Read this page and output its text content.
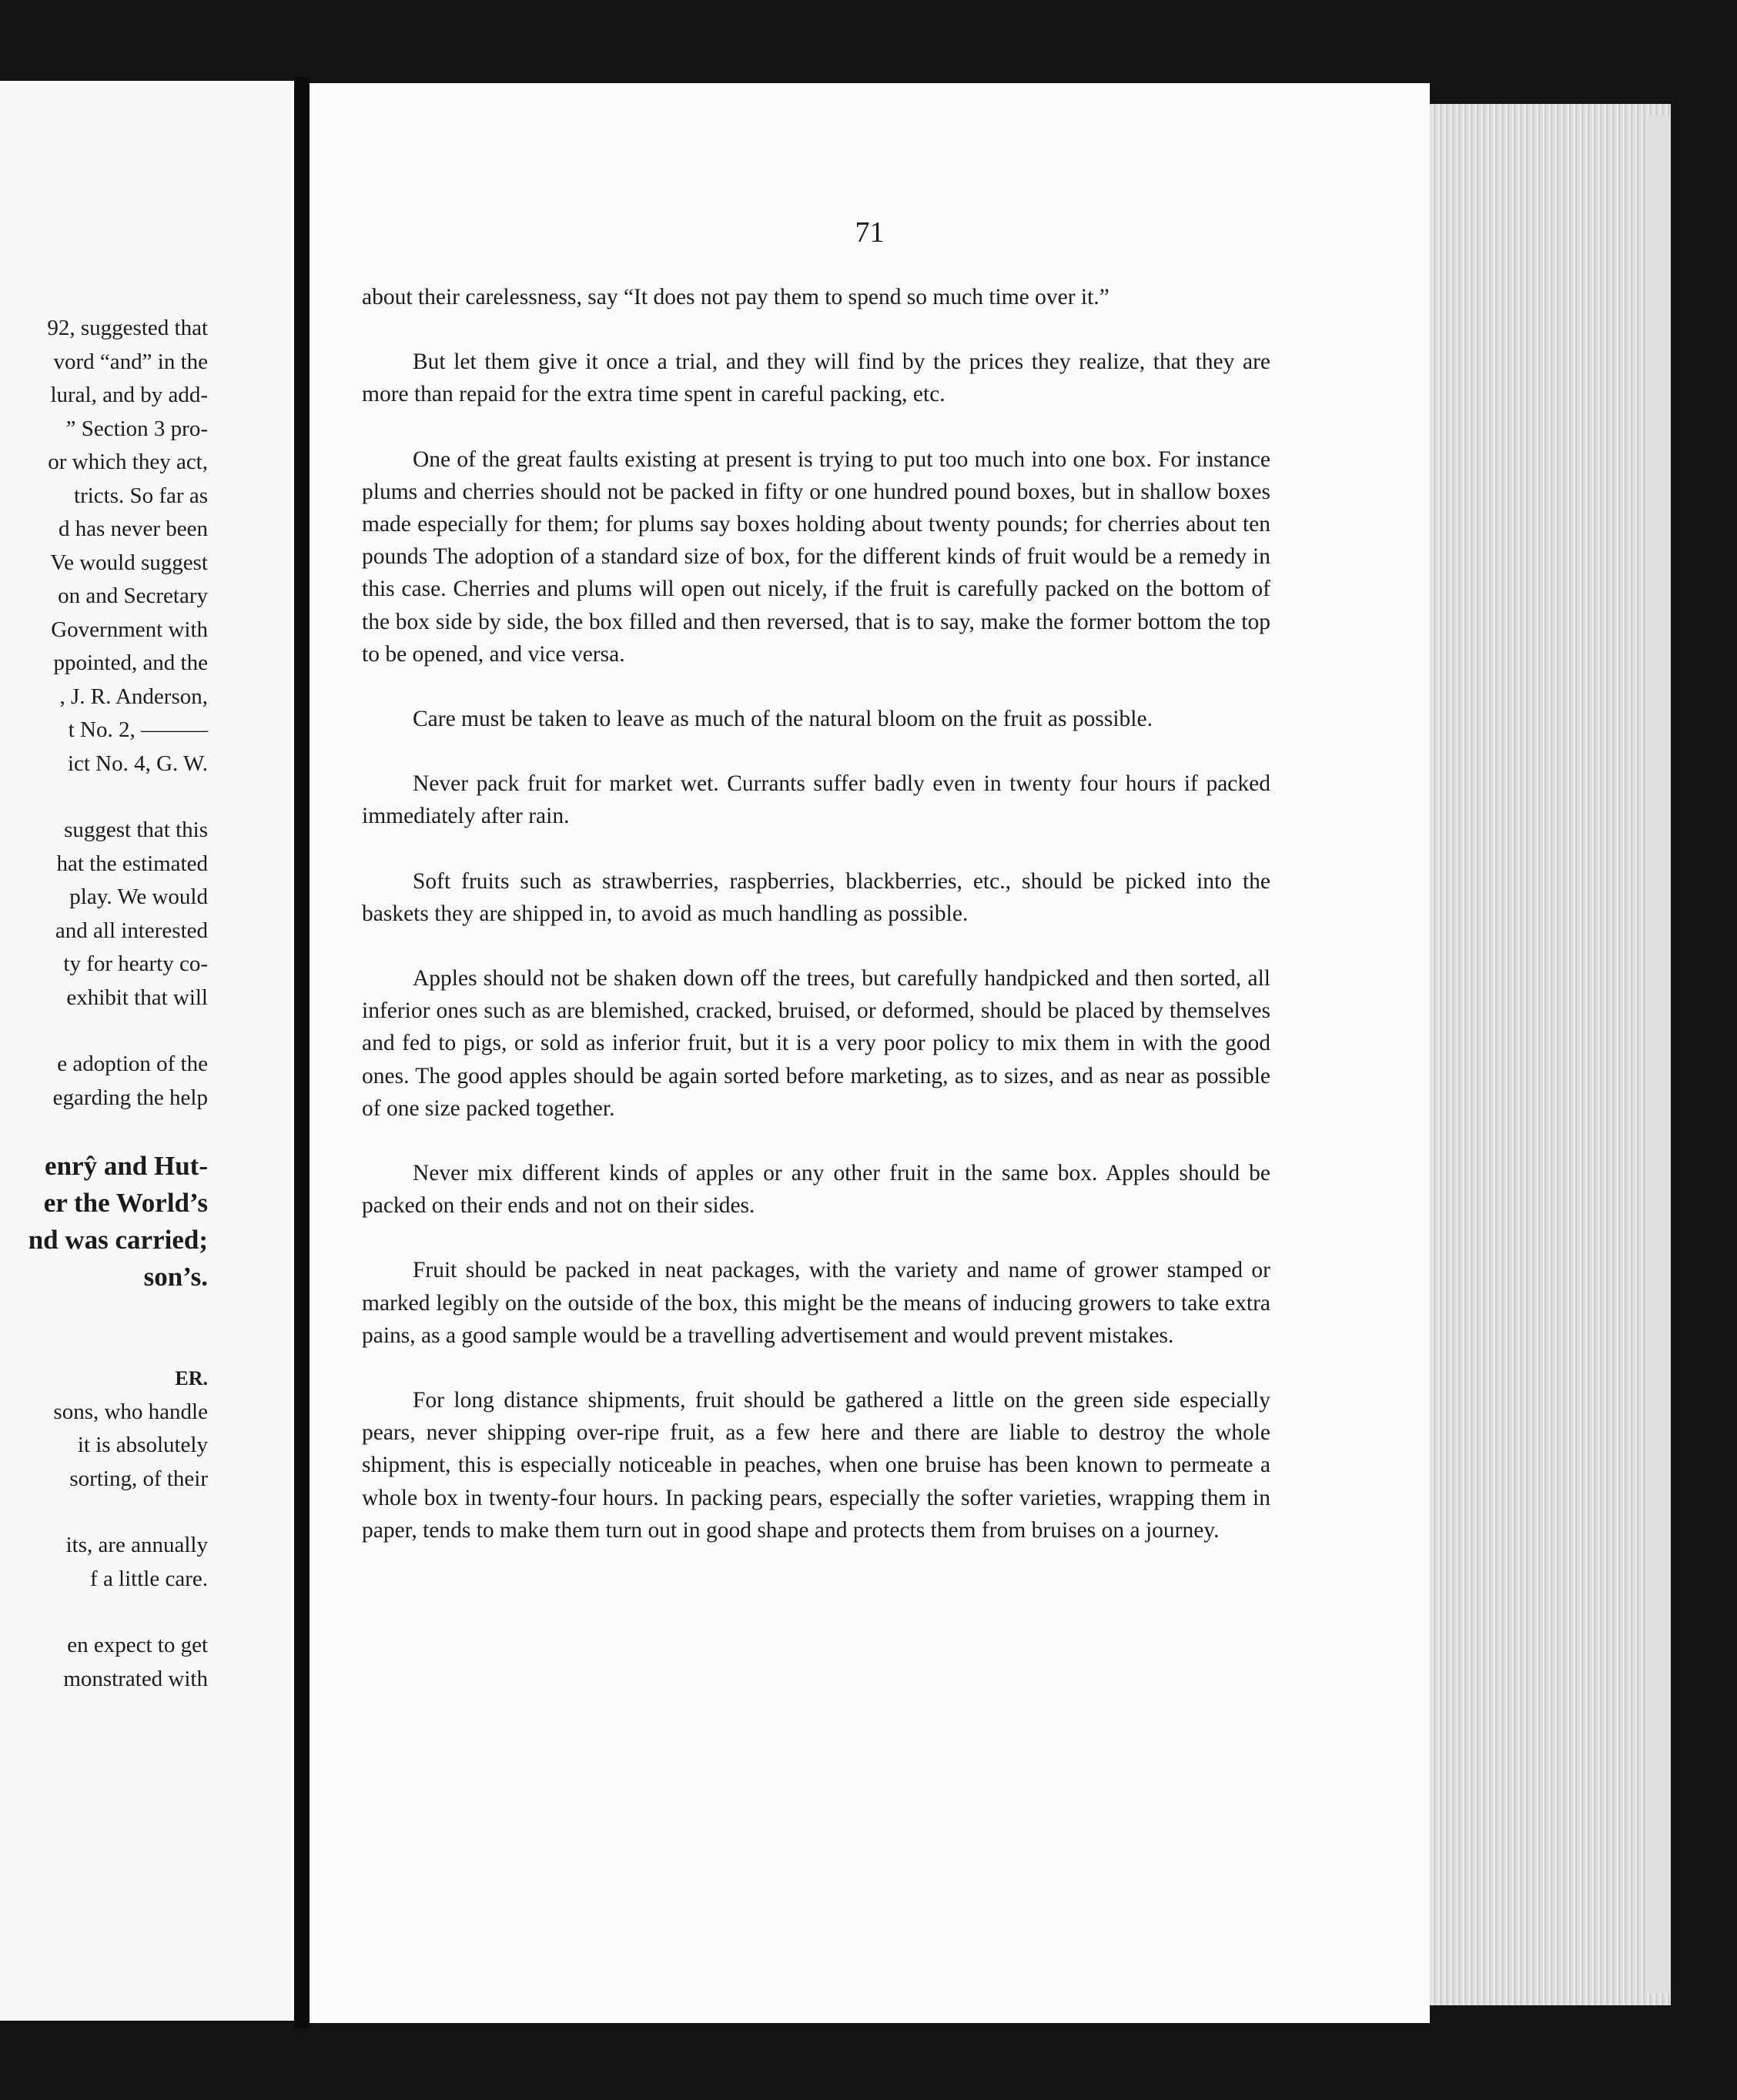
92, suggested that
vord “and” in the
lural, and by add-
” Section 3 pro-
or which they act,
tricts. So far as
d has never been
Ve would suggest
on and Secretary
Government with
ppointed, and the
, J. R. Anderson,
t No. 2, ———
ict No. 4, G. W.
suggest that this
hat the estimated
play. We would
and all interested
ty for hearty co-
exhibit that will
e adoption of the
egarding the help
enrŷ and Hut-
er the World’s
nd was carried;
son’s.
ER.
sons, who handle
it is absolutely
sorting, of their
its, are annually
f a little care.
en expect to get
monstrated with
71

about their carelessness, say “It does not pay them to spend so much time over it.”

But let them give it once a trial, and they will find by the prices they realize, that they are more than repaid for the extra time spent in careful packing, etc.

One of the great faults existing at present is trying to put too much into one box. For instance plums and cherries should not be packed in fifty or one hundred pound boxes, but in shallow boxes made especially for them; for plums say boxes holding about twenty pounds; for cherries about ten pounds The adoption of a standard size of box, for the different kinds of fruit would be a remedy in this case. Cherries and plums will open out nicely, if the fruit is carefully packed on the bottom of the box side by side, the box filled and then reversed, that is to say, make the former bottom the top to be opened, and vice versa.

Care must be taken to leave as much of the natural bloom on the fruit as possible.

Never pack fruit for market wet. Currants suffer badly even in twenty four hours if packed immediately after rain.

Soft fruits such as strawberries, raspberries, blackberries, etc., should be picked into the baskets they are shipped in, to avoid as much handling as possible.

Apples should not be shaken down off the trees, but carefully handpicked and then sorted, all inferior ones such as are blemished, cracked, bruised, or deformed, should be placed by themselves and fed to pigs, or sold as inferior fruit, but it is a very poor policy to mix them in with the good ones. The good apples should be again sorted before marketing, as to sizes, and as near as possible of one size packed together.

Never mix different kinds of apples or any other fruit in the same box. Apples should be packed on their ends and not on their sides.

Fruit should be packed in neat packages, with the variety and name of grower stamped or marked legibly on the outside of the box, this might be the means of inducing growers to take extra pains, as a good sample would be a travelling advertisement and would prevent mistakes.

For long distance shipments, fruit should be gathered a little on the green side especially pears, never shipping over-ripe fruit, as a few here and there are liable to destroy the whole shipment, this is especially noticeable in peaches, when one bruise has been known to permeate a whole box in twenty-four hours. In packing pears, especially the softer varieties, wrapping them in paper, tends to make them turn out in good shape and protects them from bruises on a journey.
